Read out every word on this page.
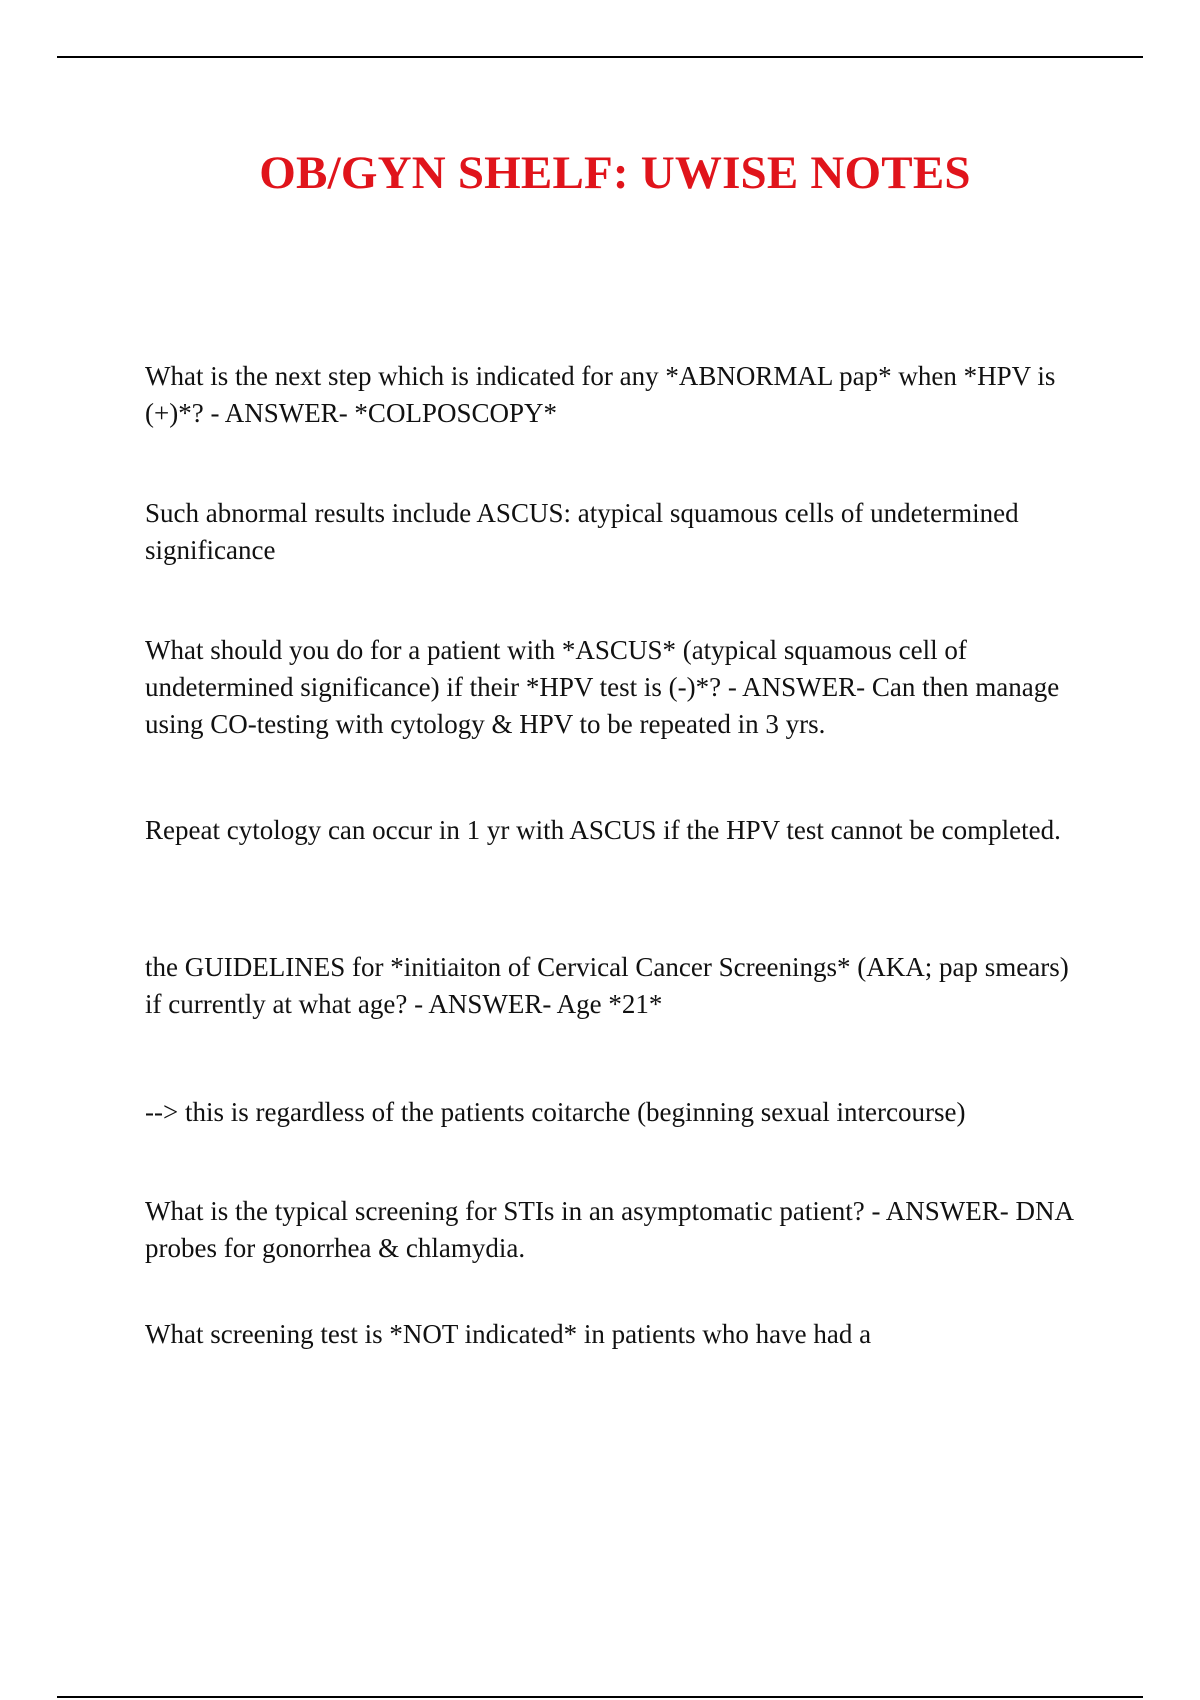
OB/GYN SHELF: UWISE NOTES

What is the next step which is indicated for any *ABNORMAL pap* when *HPV is (+)*? - ANSWER- *COLPOSCOPY*

Such abnormal results include ASCUS: atypical squamous cells of undetermined significance

What should you do for a patient with *ASCUS* (atypical squamous cell of undetermined significance) if their *HPV test is (-)*? - ANSWER- Can then manage using CO-testing with cytology & HPV to be repeated in 3 yrs.

Repeat cytology can occur in 1 yr with ASCUS if the HPV test cannot be completed.

the GUIDELINES for *initiaiton of Cervical Cancer Screenings* (AKA; pap smears) if currently at what age? - ANSWER- Age *21*

--> this is regardless of the patients coitarche (beginning sexual intercourse)

What is the typical screening for STIs in an asymptomatic patient? - ANSWER- DNA probes for gonorrhea & chlamydia.

What screening test is *NOT indicated* in patients who have had a
